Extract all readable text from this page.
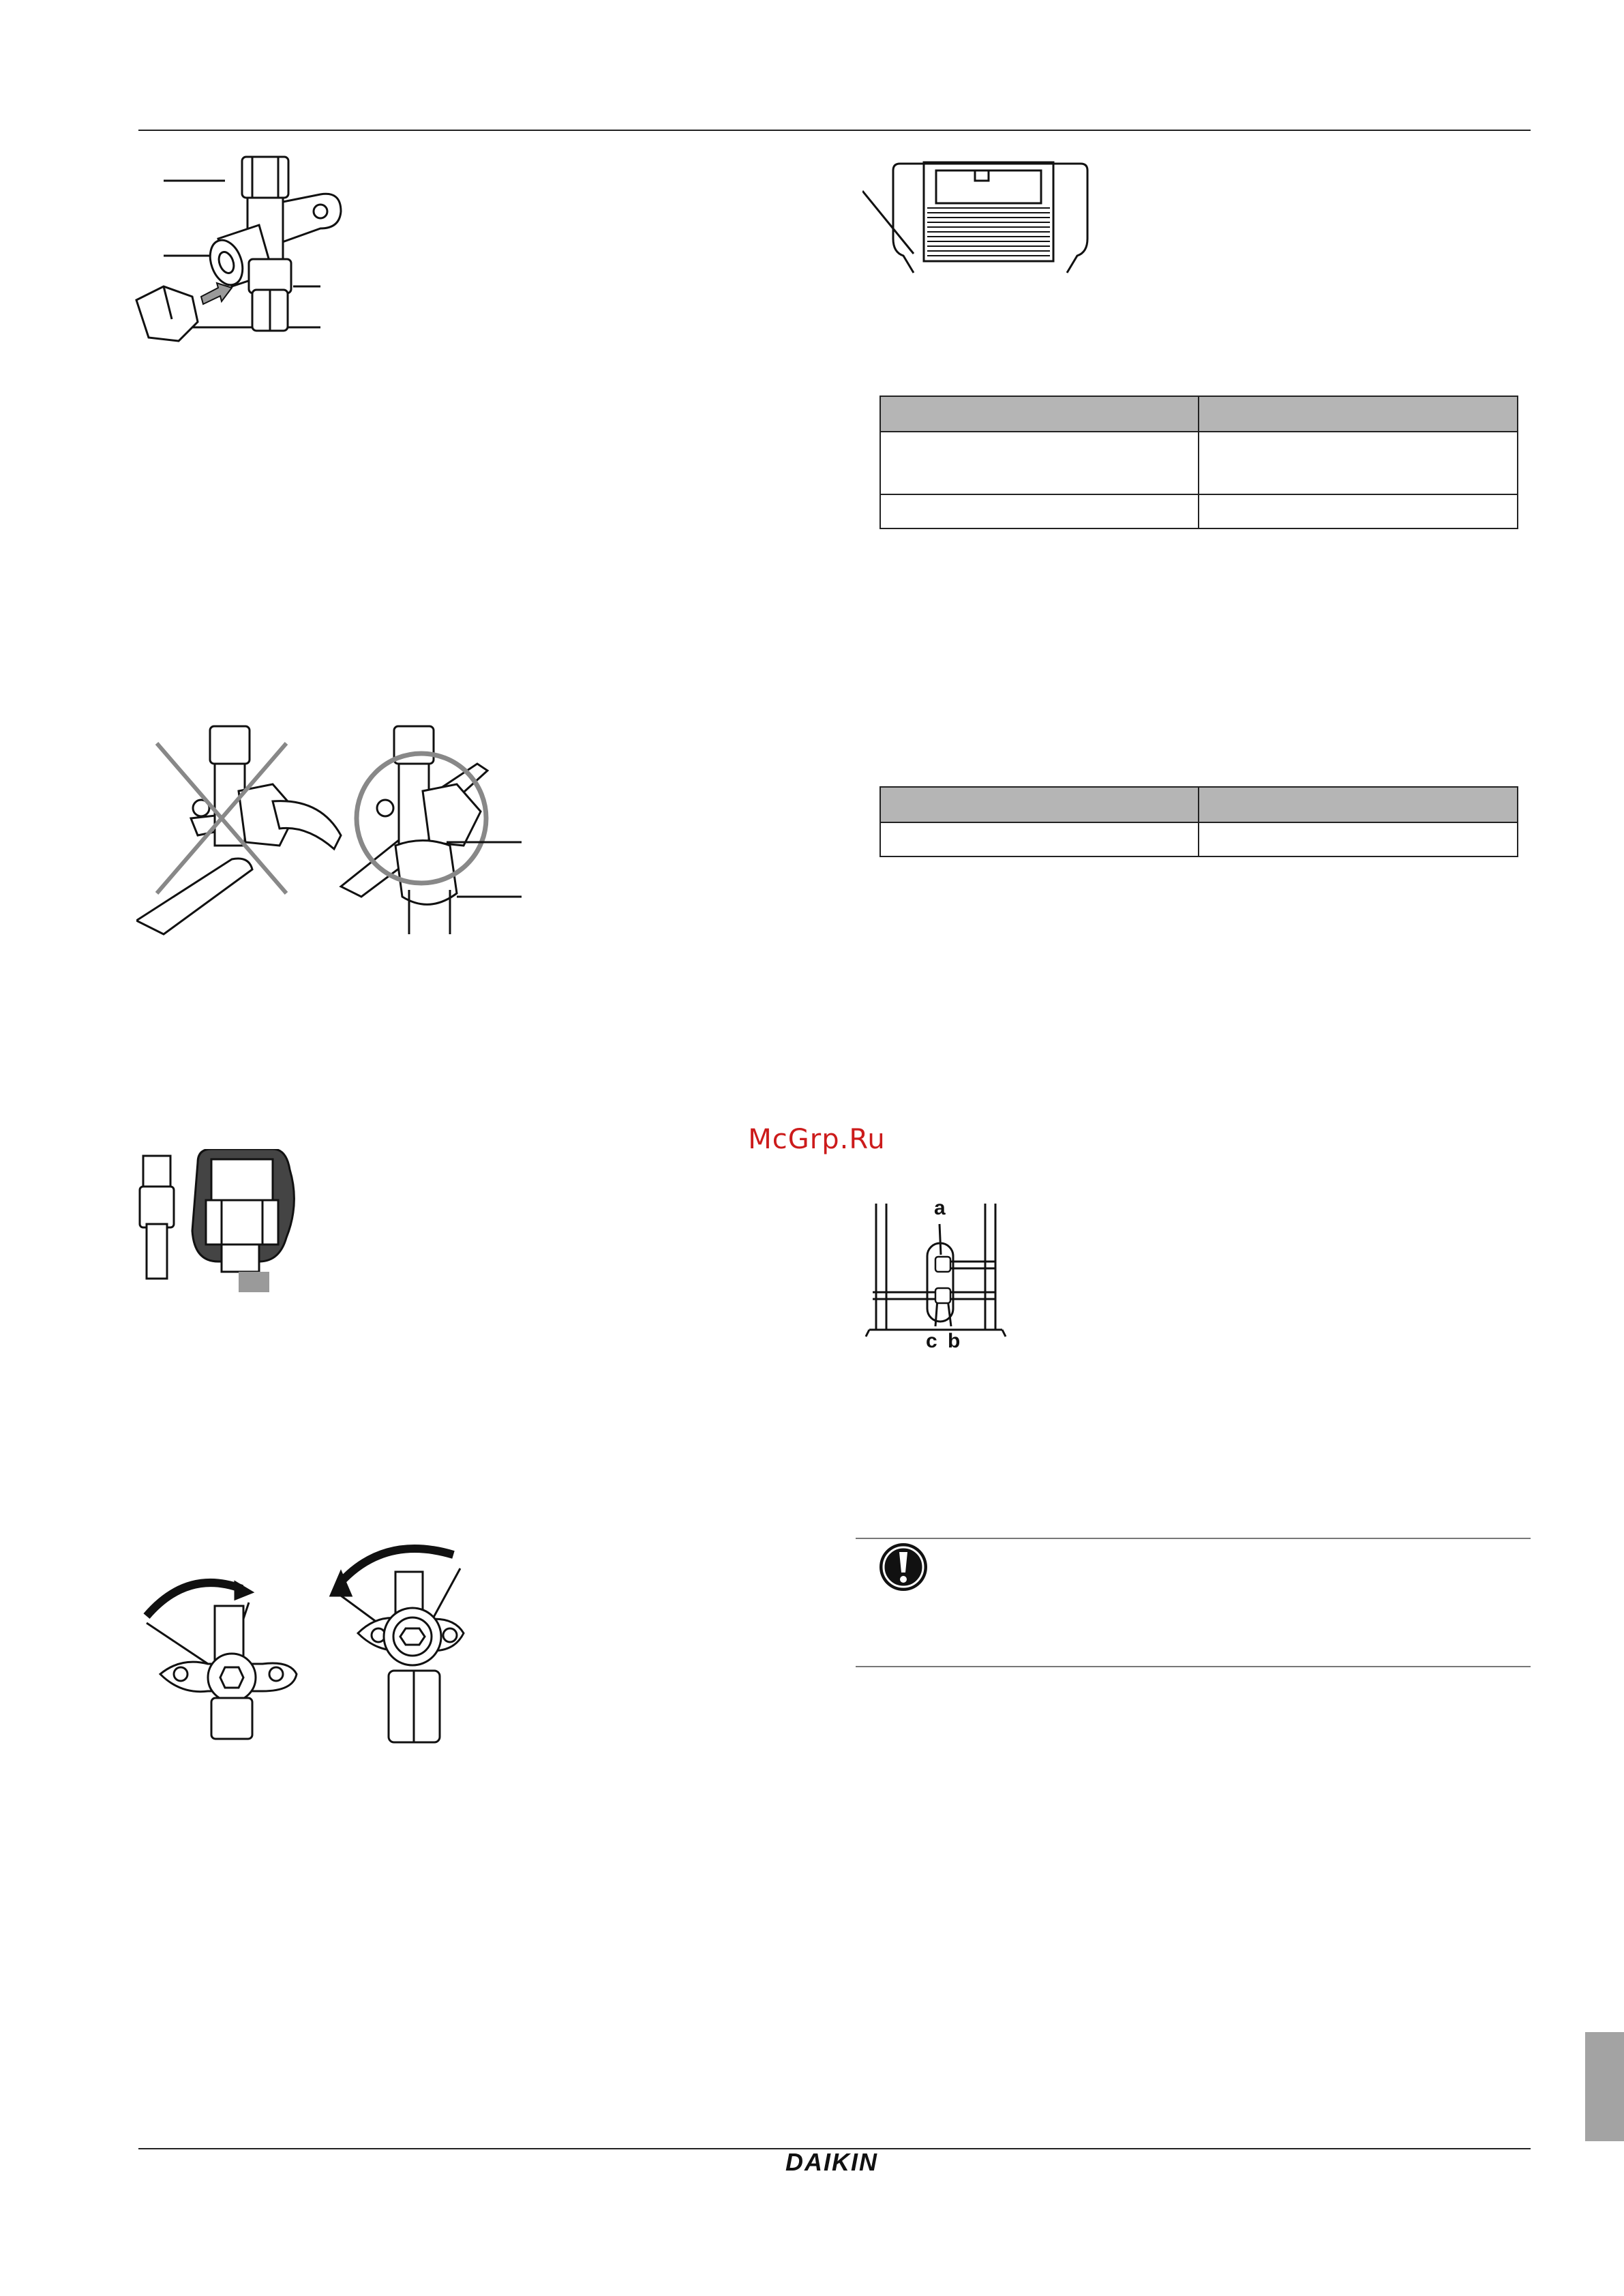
McGrp.Ru
a
b
c
DAIKIN
